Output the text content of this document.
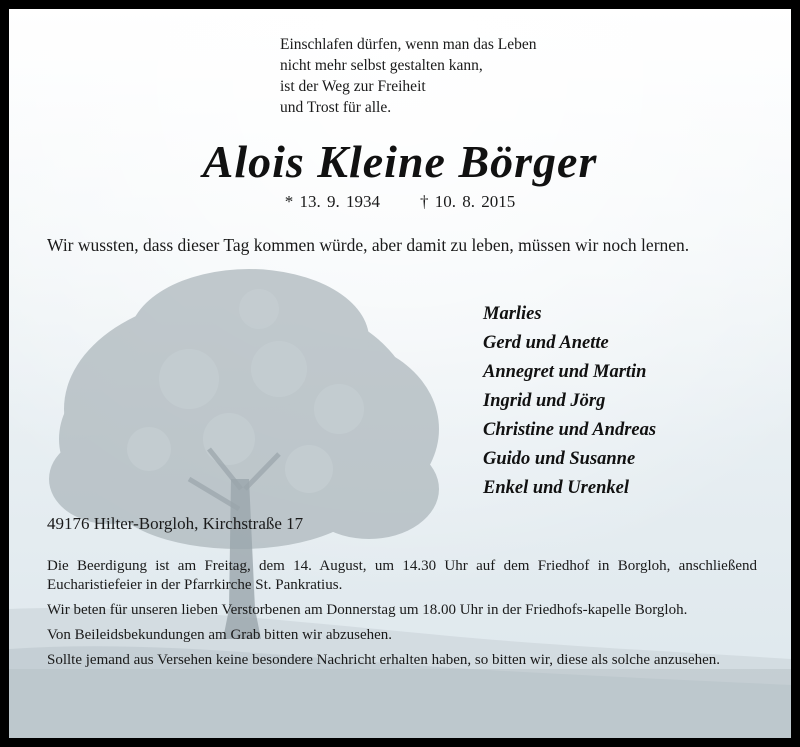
Einschlafen dürfen, wenn man das Leben
nicht mehr selbst gestalten kann,
ist der Weg zur Freiheit
und Trost für alle.
Alois Kleine Börger
* 13. 9. 1934 † 10. 8. 2015
Wir wussten, dass dieser Tag kommen würde, aber damit zu leben, müssen wir noch lernen.
Marlies
Gerd und Anette
Annegret und Martin
Ingrid und Jörg
Christine und Andreas
Guido und Susanne
Enkel und Urenkel
49176 Hilter-Borgloh, Kirchstraße 17

Die Beerdigung ist am Freitag, dem 14. August, um 14.30 Uhr auf dem Friedhof in Borgloh, anschließend Eucharistiefeier in der Pfarrkirche St. Pankratius.

Wir beten für unseren lieben Verstorbenen am Donnerstag um 18.00 Uhr in der Friedhofs-kapelle Borgloh.

Von Beileidsbekundungen am Grab bitten wir abzusehen.

Sollte jemand aus Versehen keine besondere Nachricht erhalten haben, so bitten wir, diese als solche anzusehen.
